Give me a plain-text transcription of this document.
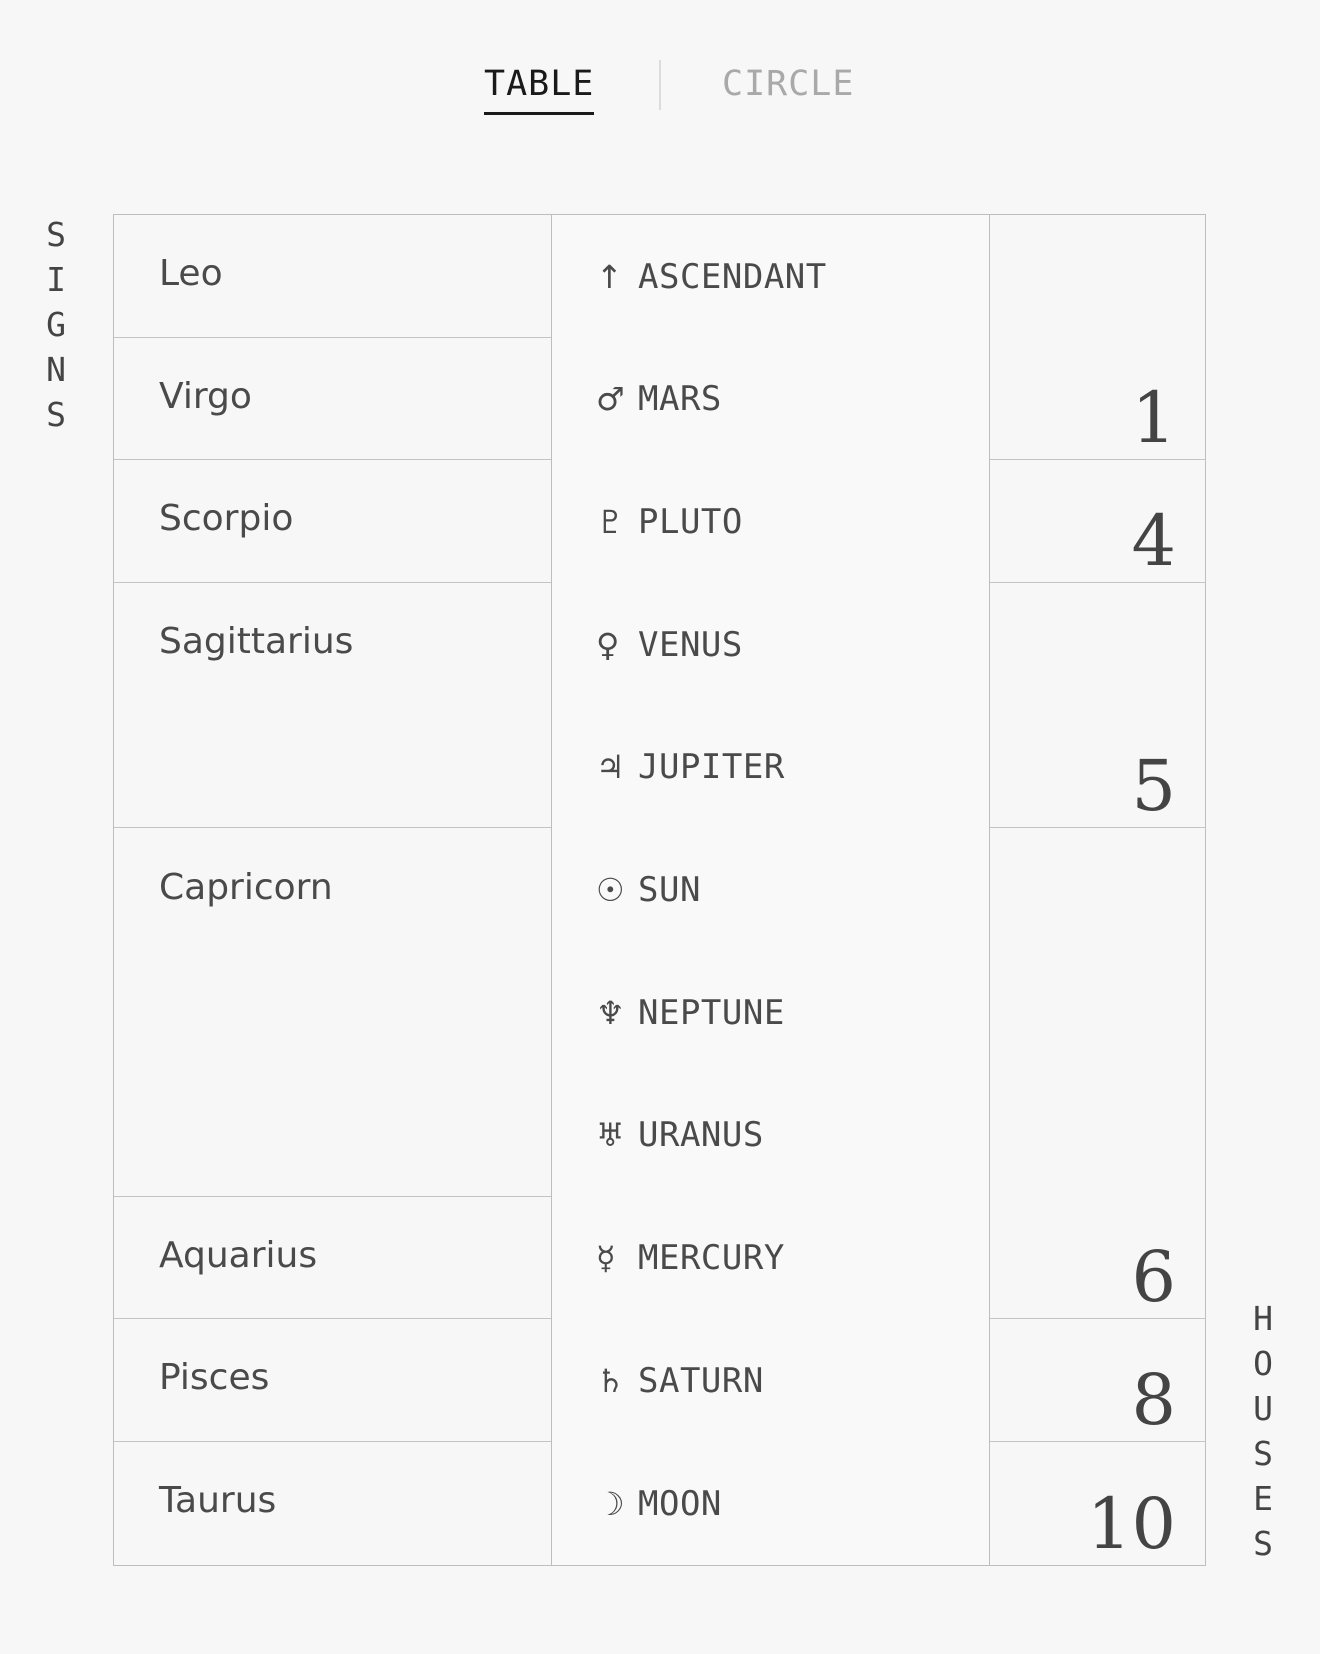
TABLE	CIRCLE
S
I
G
N
S
H
O
U
S
E
S
Leo
Virgo
Scorpio
Sagittarius
Capricorn
Aquarius
Pisces
Taurus
↑ ASCENDANT
♂ MARS
♇ PLUTO
♀ VENUS
♃ JUPITER
☉ SUN
♆ NEPTUNE
♅ URANUS
☿ MERCURY
♄ SATURN
☽ MOON
1
4
5
6
8
10
